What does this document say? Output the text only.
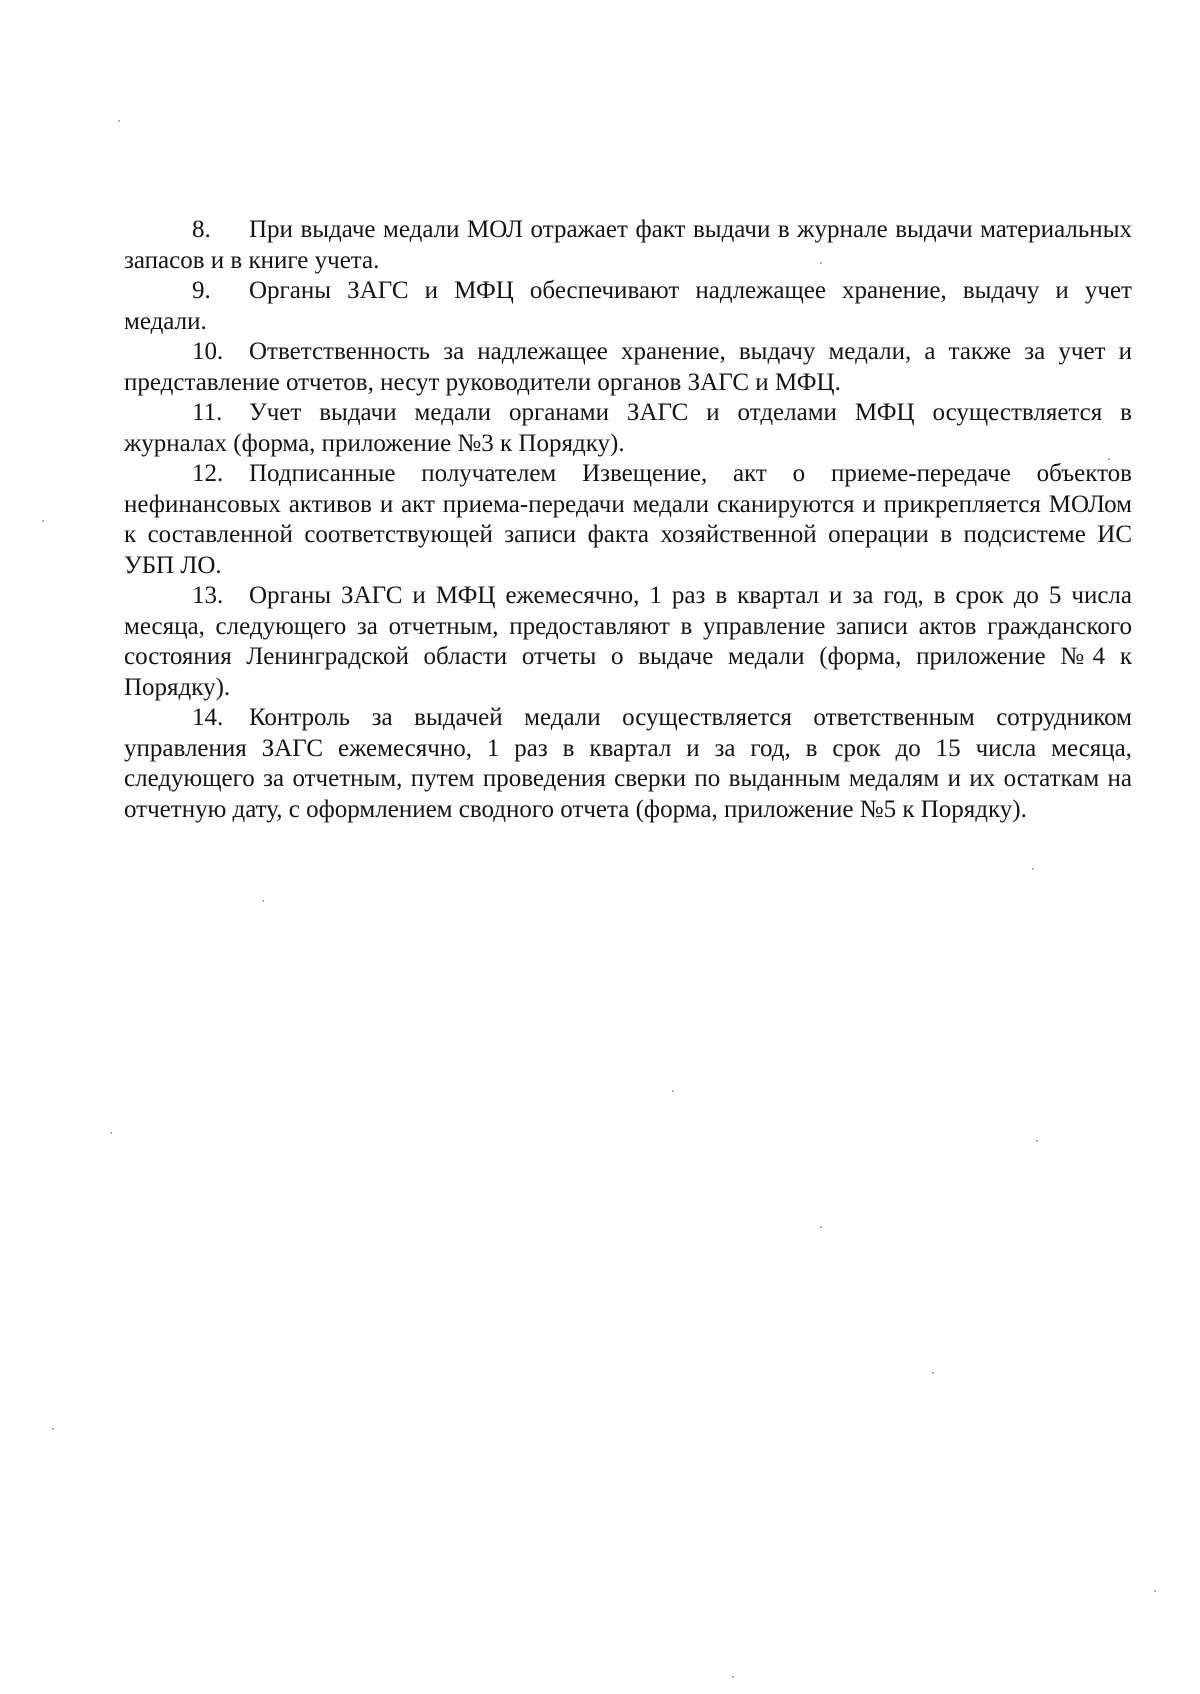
8. При выдаче медали МОЛ отражает факт выдачи в журнале выдачи материальных запасов и в книге учета.

9. Органы ЗАГС и МФЦ обеспечивают надлежащее хранение, выдачу и учет медали.

10. Ответственность за надлежащее хранение, выдачу медали, а также за учет и представление отчетов, несут руководители органов ЗАГС и МФЦ.

11. Учет выдачи медали органами ЗАГС и отделами МФЦ осуществляется в журналах (форма, приложение №3 к Порядку).

12. Подписанные получателем Извещение, акт о приеме-передаче объектов нефинансовых активов и акт приема-передачи медали сканируются и прикрепляется МОЛом к составленной соответствующей записи факта хозяйственной операции в подсистеме ИС УБП ЛО.

13. Органы ЗАГС и МФЦ ежемесячно, 1 раз в квартал и за год, в срок до 5 числа месяца, следующего за отчетным, предоставляют в управление записи актов гражданского состояния Ленинградской области отчеты о выдаче медали (форма, приложение №4 к Порядку).

14. Контроль за выдачей медали осуществляется ответственным сотрудником управления ЗАГС ежемесячно, 1 раз в квартал и за год, в срок до 15 числа месяца, следующего за отчетным, путем проведения сверки по выданным медалям и их остаткам на отчетную дату, с оформлением сводного отчета (форма, приложение №5 к Порядку).
